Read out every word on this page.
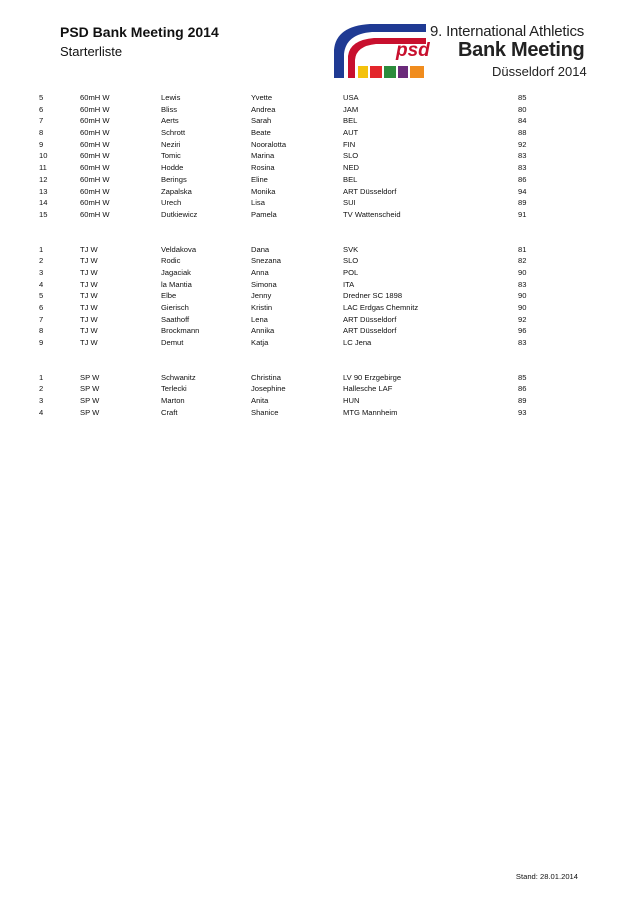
PSD Bank Meeting 2014
Starterliste
9. International Athletics
psd Bank Meeting
Düsseldorf 2014
5	60mH W	Lewis	Yvette	USA	85
6	60mH W	Bliss	Andrea	JAM	80
7	60mH W	Aerts	Sarah	BEL	84
8	60mH W	Schrott	Beate	AUT	88
9	60mH W	Neziri	Nooralotta	FIN	92
10	60mH W	Tomic	Marina	SLO	83
11	60mH W	Hodde	Rosina	NED	83
12	60mH W	Berings	Eline	BEL	86
13	60mH W	Zapalska	Monika	ART Düsseldorf	94
14	60mH W	Urech	Lisa	SUI	89
15	60mH W	Dutkiewicz	Pamela	TV Wattenscheid	91
1	TJ W	Veldakova	Dana	SVK	81
2	TJ W	Rodic	Snezana	SLO	82
3	TJ W	Jagaciak	Anna	POL	90
4	TJ W	la Mantia	Simona	ITA	83
5	TJ W	Elbe	Jenny	Dredner SC 1898	90
6	TJ W	Gierisch	Kristin	LAC Erdgas Chemnitz	90
7	TJ W	Saathoff	Lena	ART Düsseldorf	92
8	TJ W	Brockmann	Annika	ART Düsseldorf	96
9	TJ W	Demut	Katja	LC Jena	83
1	SP W	Schwanitz	Christina	LV 90 Erzgebirge	85
2	SP W	Terlecki	Josephine	Hallesche LAF	86
3	SP W	Marton	Anita	HUN	89
4	SP W	Craft	Shanice	MTG Mannheim	93
Stand: 28.01.2014
